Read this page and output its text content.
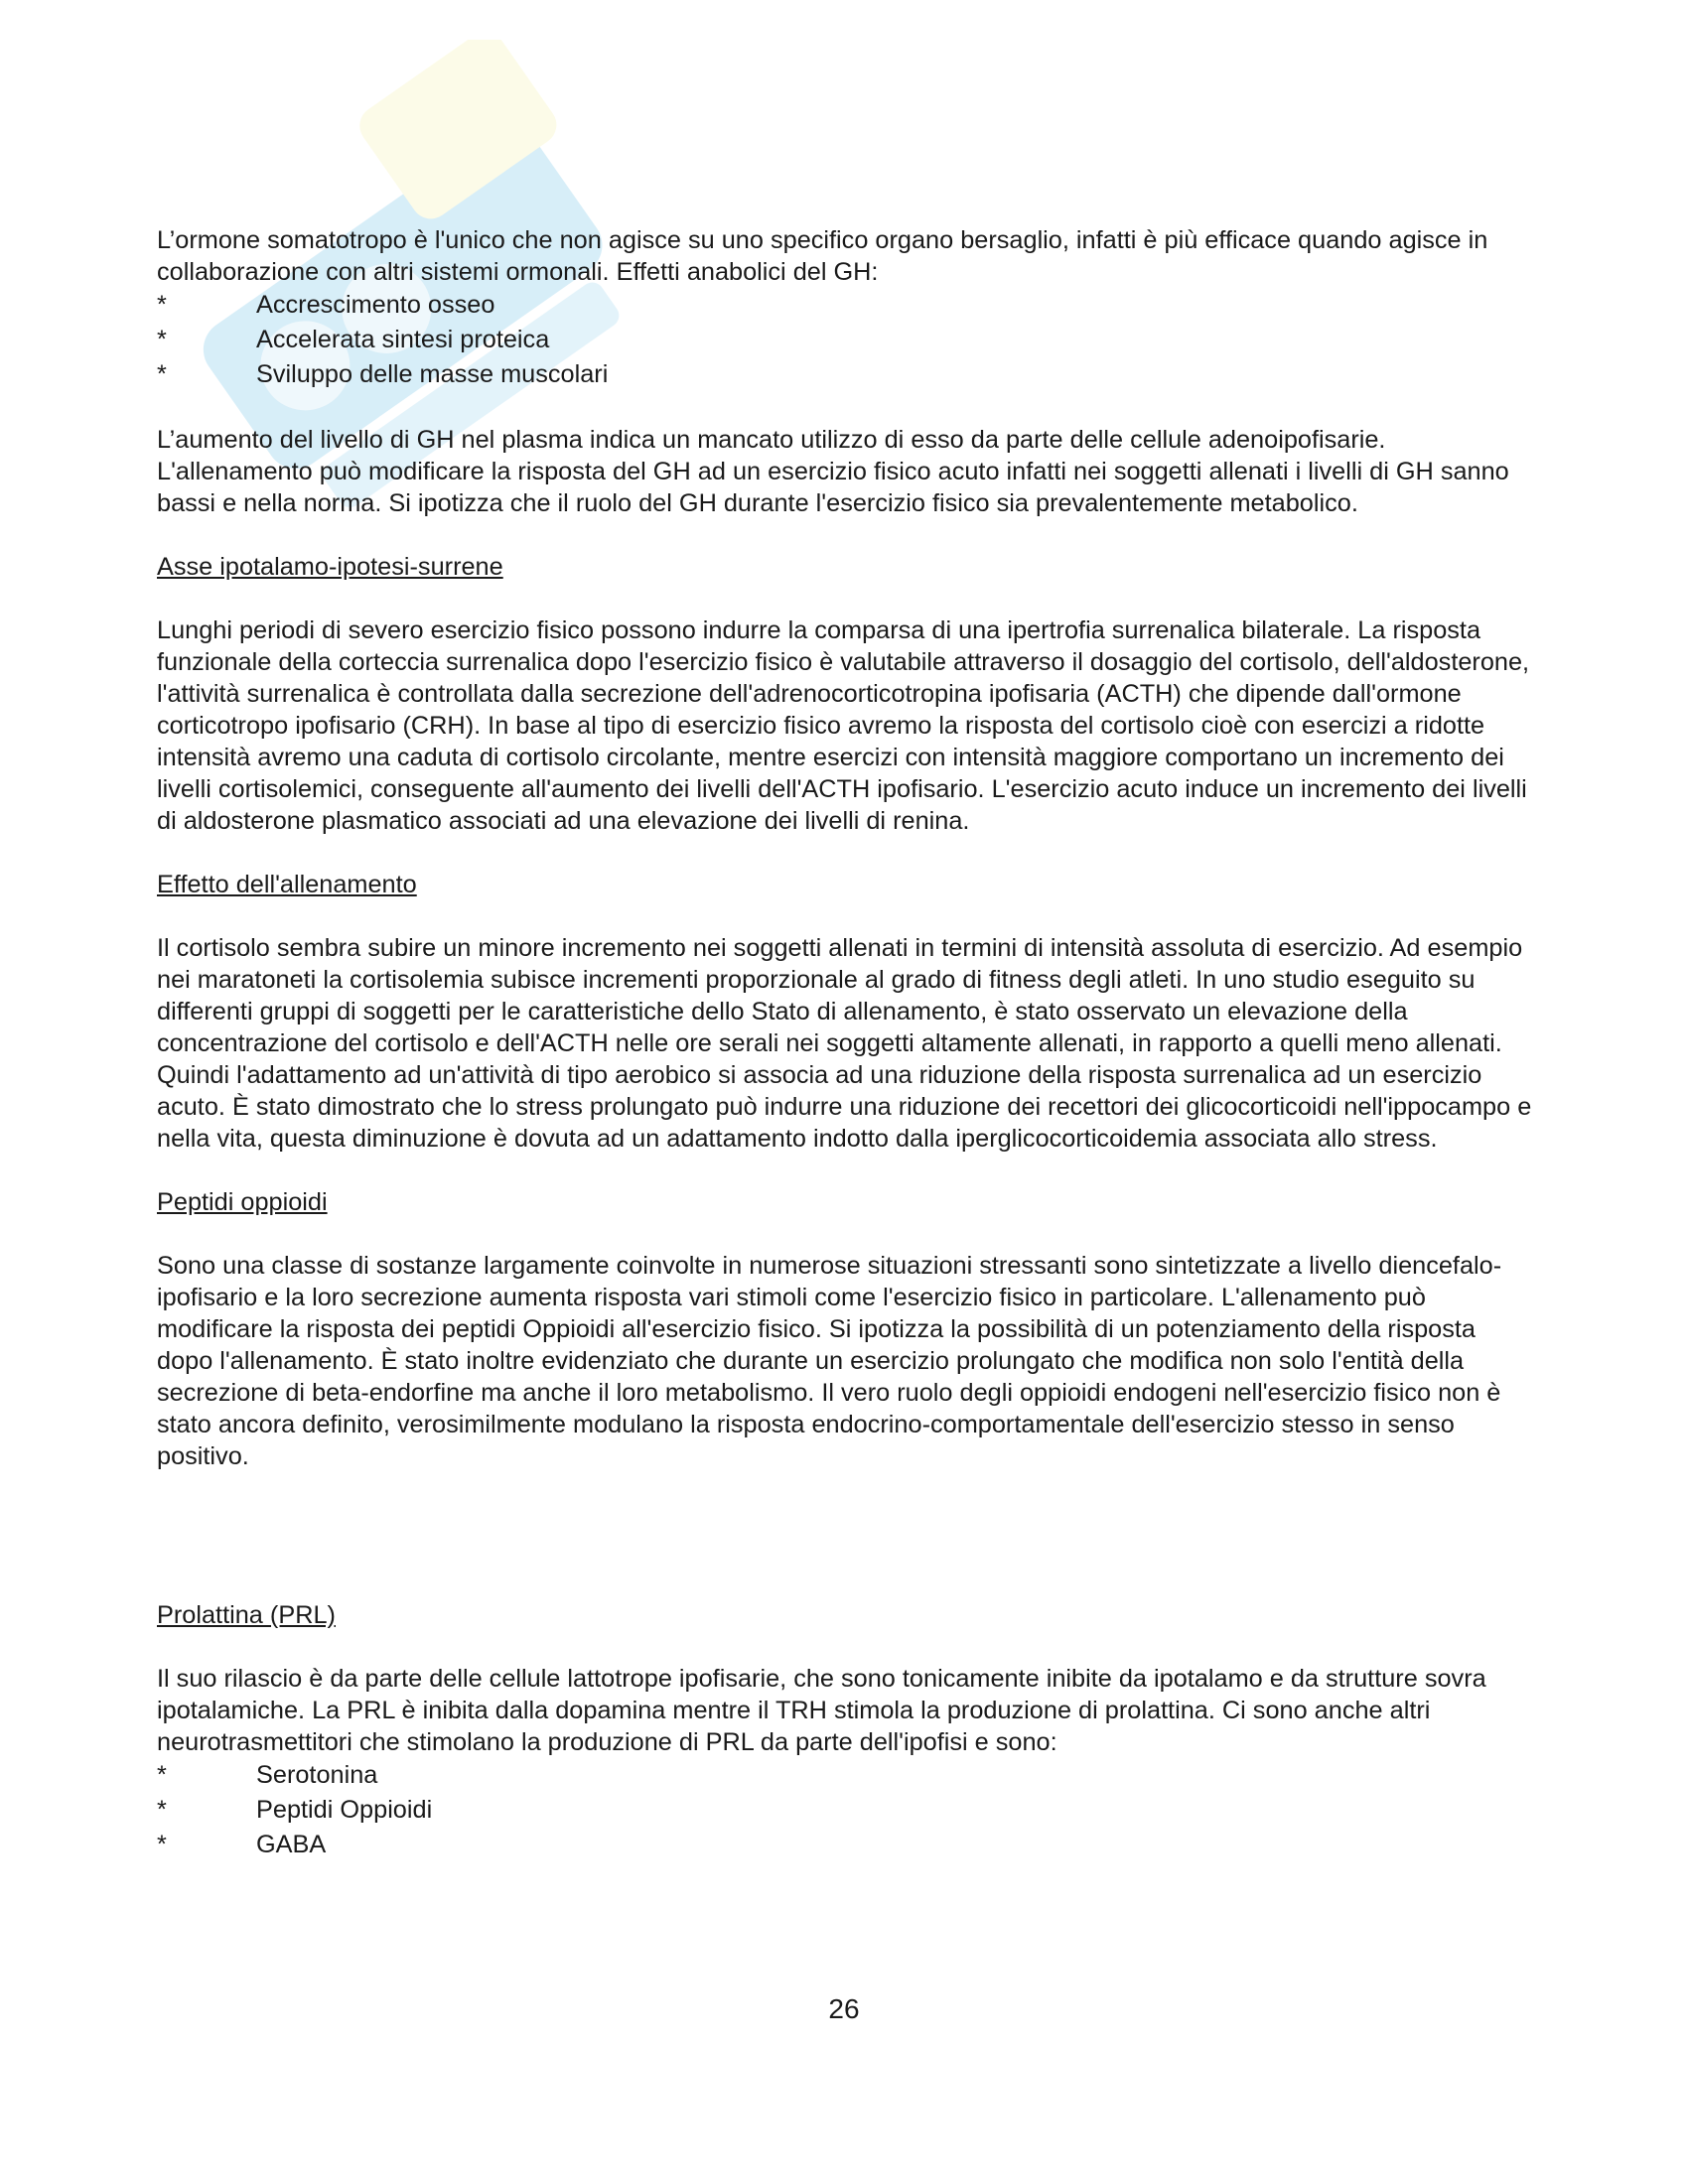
L’ormone somatotropo è l'unico che non agisce su uno specifico organo bersaglio, infatti è più efficace quando agisce in collaborazione con altri sistemi ormonali. Effetti anabolici del GH:

*	Accrescimento osseo
*	Accelerata sintesi proteica
*	Sviluppo delle masse muscolari

L’aumento del livello di GH nel plasma indica un mancato utilizzo di esso da parte delle cellule adenoipofisarie. L'allenamento può modificare la risposta del GH ad un esercizio fisico acuto infatti nei soggetti allenati i livelli di GH sanno bassi e nella norma. Si ipotizza che il ruolo del GH durante l'esercizio fisico sia prevalentemente metabolico.

Asse ipotalamo-ipotesi-surrene

Lunghi periodi di severo esercizio fisico possono indurre la comparsa di una ipertrofia surrenalica bilaterale. La risposta funzionale della corteccia surrenalica dopo l'esercizio fisico è valutabile attraverso il dosaggio del cortisolo, dell'aldosterone, l'attività surrenalica è controllata dalla secrezione dell'adrenocorticotropina ipofisaria (ACTH) che dipende dall'ormone corticotropo ipofisario (CRH). In base al tipo di esercizio fisico avremo la risposta del cortisolo cioè con esercizi a ridotte intensità avremo una caduta di cortisolo circolante, mentre esercizi con intensità maggiore comportano un incremento dei livelli cortisolemici, conseguente all'aumento dei livelli dell'ACTH ipofisario. L'esercizio acuto induce un incremento dei livelli di aldosterone plasmatico associati ad una elevazione dei livelli di renina.

Effetto dell'allenamento

Il cortisolo sembra subire un minore incremento nei soggetti allenati in termini di intensità assoluta di esercizio. Ad esempio nei maratoneti la cortisolemia subisce incrementi proporzionale al grado di fitness degli atleti. In uno studio eseguito su differenti gruppi di soggetti per le caratteristiche dello Stato di allenamento, è stato osservato un elevazione della concentrazione del cortisolo e dell'ACTH nelle ore serali nei soggetti altamente allenati, in rapporto a quelli meno allenati. Quindi l'adattamento ad un'attività di tipo aerobico si associa ad una riduzione della risposta surrenalica ad un esercizio acuto. È stato dimostrato che lo stress prolungato può indurre una riduzione dei recettori dei glicocorticoidi nell'ippocampo e nella vita, questa diminuzione è dovuta ad un adattamento indotto dalla iperglicocorticoidemia associata allo stress.

Peptidi oppioidi

Sono una classe di sostanze largamente coinvolte in numerose situazioni stressanti sono sintetizzate a livello diencefalo-ipofisario e la loro secrezione aumenta risposta vari stimoli come l'esercizio fisico in particolare. L'allenamento può modificare la risposta dei peptidi Oppioidi all'esercizio fisico. Si ipotizza la possibilità di un potenziamento della risposta dopo l'allenamento. È stato inoltre evidenziato che durante un esercizio prolungato che modifica non solo l'entità della secrezione di beta-endorfine ma anche il loro metabolismo. Il vero ruolo degli oppioidi endogeni nell'esercizio fisico non è stato ancora definito, verosimilmente modulano la risposta endocrino-comportamentale dell'esercizio stesso in senso positivo.

Prolattina (PRL)

Il suo rilascio è da parte delle cellule lattotrope ipofisarie, che sono tonicamente inibite da ipotalamo e da strutture sovra ipotalamiche. La PRL è inibita dalla dopamina mentre il TRH stimola la produzione di prolattina. Ci sono anche altri neurotrasmettitori che stimolano la produzione di PRL da parte dell'ipofisi e sono:

*	Serotonina
*	Peptidi Oppioidi
*	GABA
26
